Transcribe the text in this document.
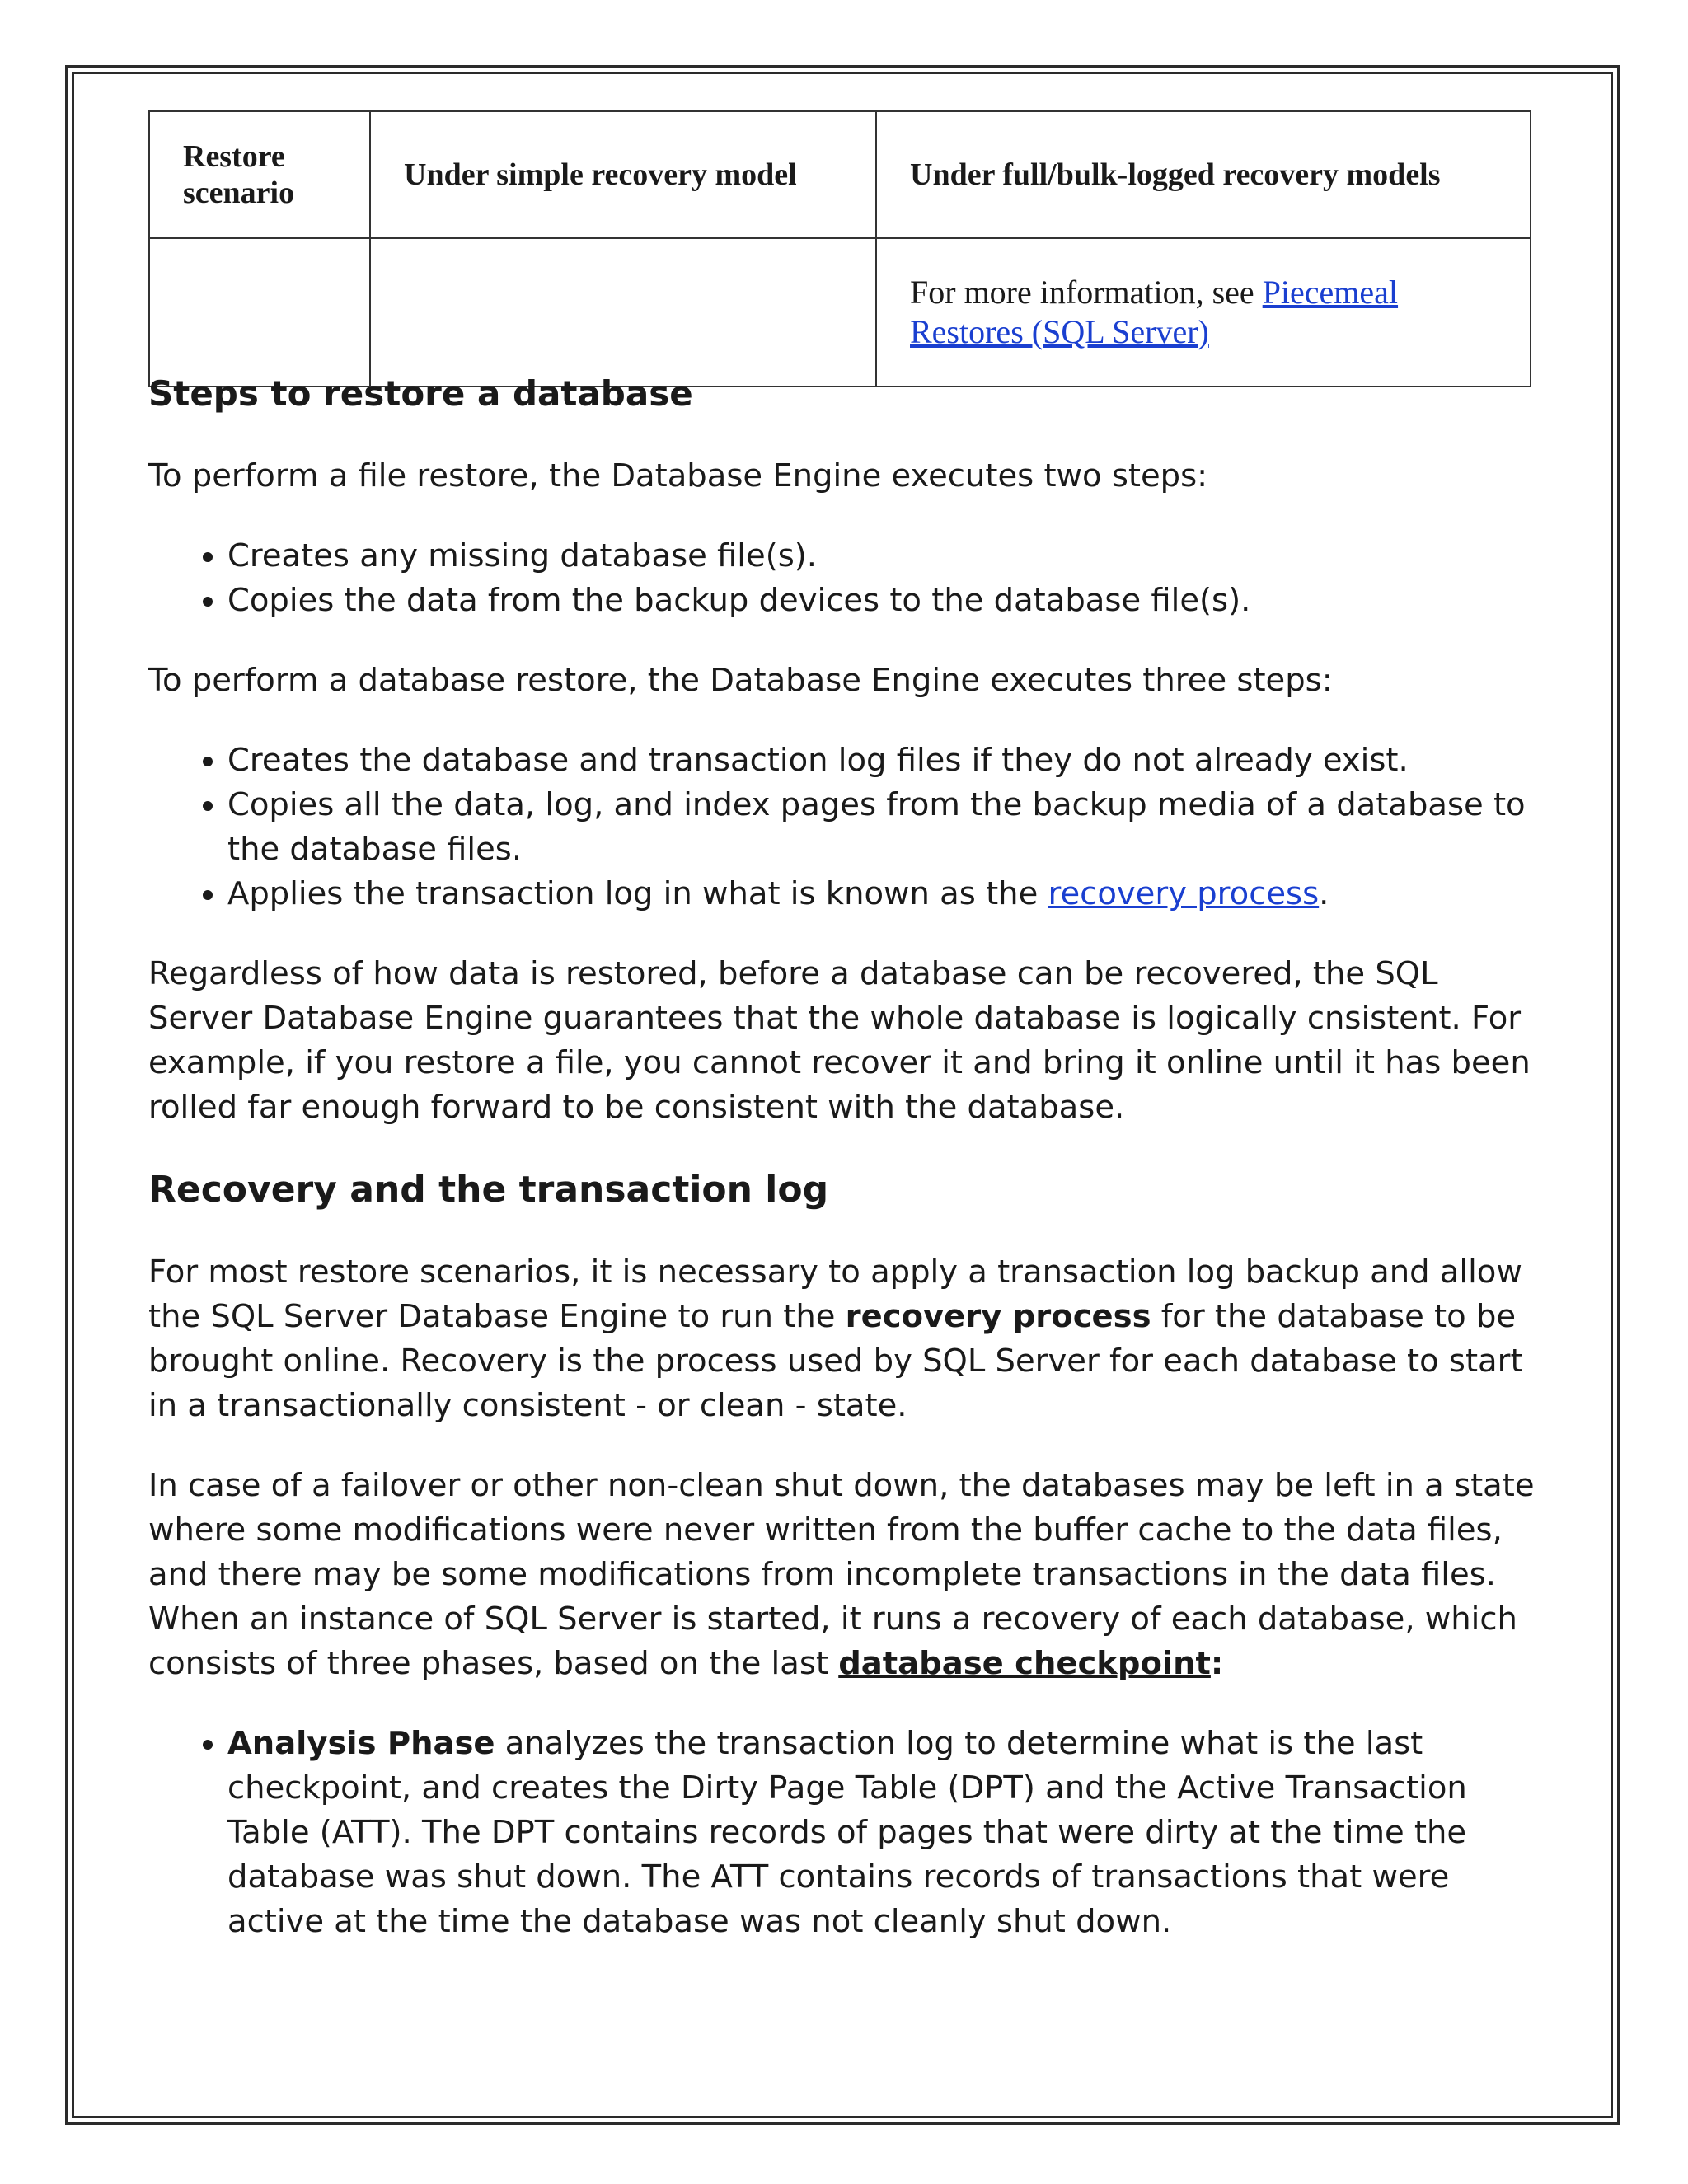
Restore scenario	Under simple recovery model	Under full/bulk-logged recovery models
		For more information, see Piecemeal Restores (SQL Server)
Steps to restore a database

To perform a file restore, the Database Engine executes two steps:

• Creates any missing database file(s).
• Copies the data from the backup devices to the database file(s).

To perform a database restore, the Database Engine executes three steps:

• Creates the database and transaction log files if they do not already exist.
• Copies all the data, log, and index pages from the backup media of a database to the database files.
• Applies the transaction log in what is known as the recovery process.

Regardless of how data is restored, before a database can be recovered, the SQL Server Database Engine guarantees that the whole database is logically cnsistent. For example, if you restore a file, you cannot recover it and bring it online until it has been rolled far enough forward to be consistent with the database.

Recovery and the transaction log

For most restore scenarios, it is necessary to apply a transaction log backup and allow the SQL Server Database Engine to run the recovery process for the database to be brought online. Recovery is the process used by SQL Server for each database to start in a transactionally consistent - or clean - state.

In case of a failover or other non-clean shut down, the databases may be left in a state where some modifications were never written from the buffer cache to the data files, and there may be some modifications from incomplete transactions in the data files. When an instance of SQL Server is started, it runs a recovery of each database, which consists of three phases, based on the last database checkpoint:

• Analysis Phase analyzes the transaction log to determine what is the last checkpoint, and creates the Dirty Page Table (DPT) and the Active Transaction Table (ATT). The DPT contains records of pages that were dirty at the time the database was shut down. The ATT contains records of transactions that were active at the time the database was not cleanly shut down.
